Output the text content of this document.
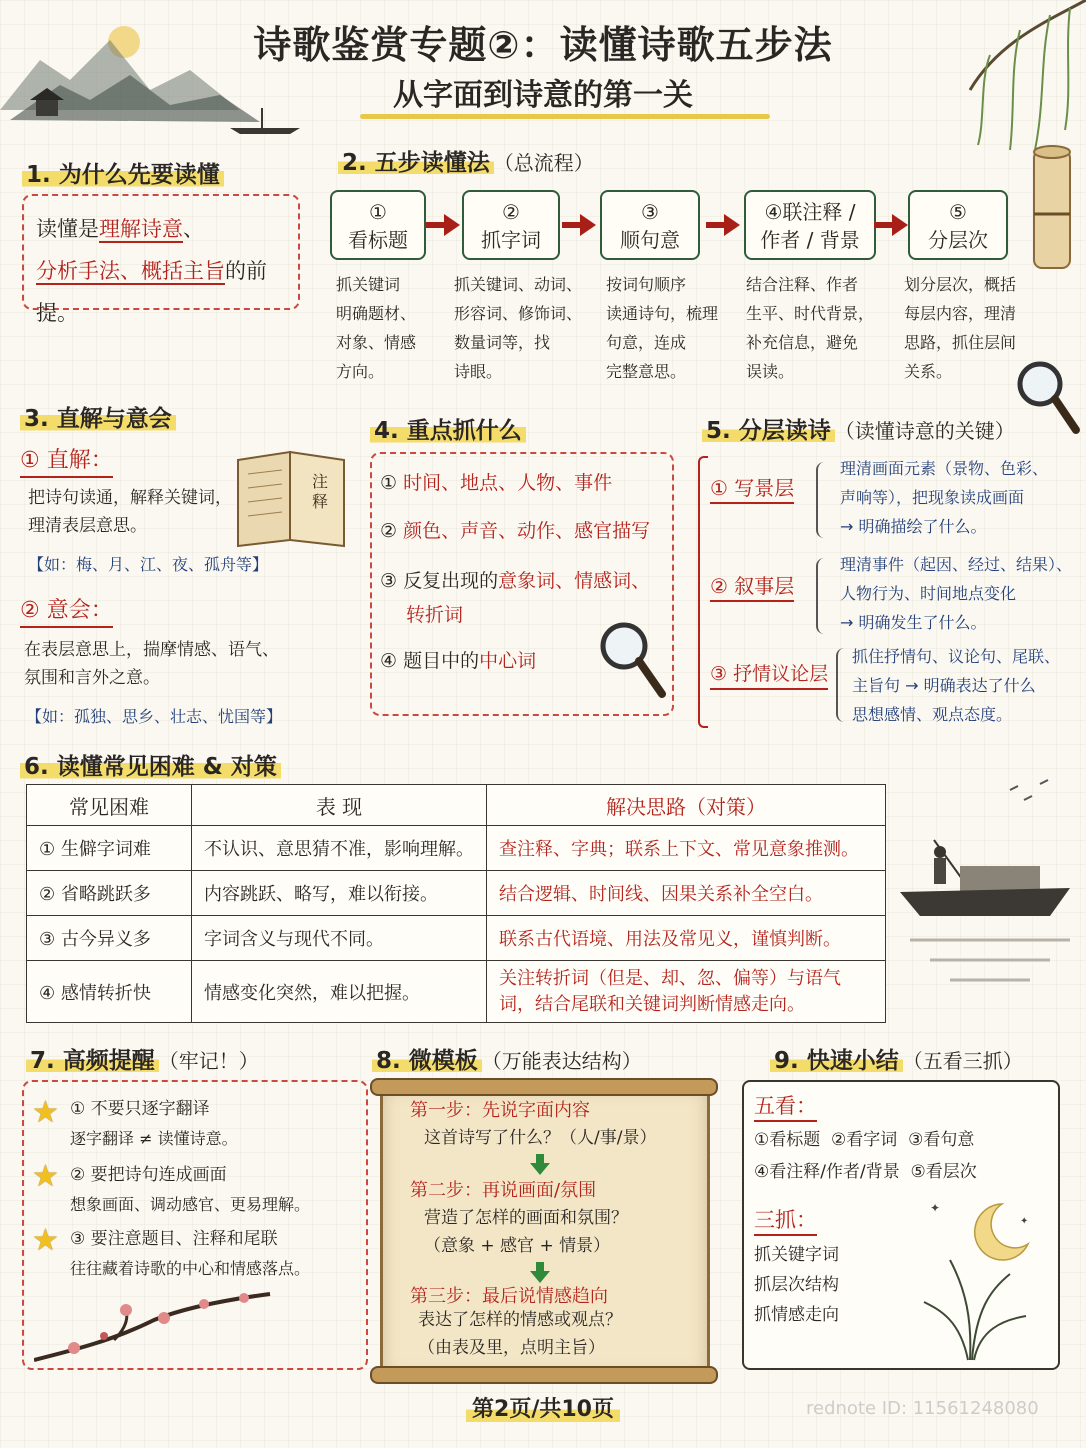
诗歌鉴赏专题②：读懂诗歌五步法
从字面到诗意的第一关
1. 为什么先要读懂
读懂是理解诗意、
分析手法、概括主旨的前提。
2. 五步读懂法 （总流程）
①
看标题
②
抓字词
③
顺句意
④联注释 /
作者 / 背景
⑤
分层次
抓关键词
明确题材、
对象、情感
方向。
抓关键词、动词、
形容词、修饰词、
数量词等，找
诗眼。
按词句顺序
读通诗句，梳理
句意，连成
完整意思。
结合注释、作者
生平、时代背景，
补充信息，避免
误读。
划分层次，概括
每层内容，理清
思路，抓住层间
关系。
3. 直解与意会
① 直解：
把诗句读通，解释关键词，
理清表层意思。
【如：梅、月、江、夜、孤舟等】
注释
② 意会：
在表层意思上，揣摩情感、语气、
氛围和言外之意。
【如：孤独、思乡、壮志、忧国等】
4. 重点抓什么
① 时间、地点、人物、事件
② 颜色、声音、动作、感官描写
③ 反复出现的意象词、情感词、
转折词
④ 题目中的中心词
5. 分层读诗 （读懂诗意的关键）
① 写景层
理清画面元素（景物、色彩、
声响等），把现象读成画面
→ 明确描绘了什么。
② 叙事层
理清事件（起因、经过、结果）、
人物行为、时间地点变化
→ 明确发生了什么。
③ 抒情议论层
抓住抒情句、议论句、尾联、
主旨句 → 明确表达了什么
思想感情、观点态度。
6. 读懂常见困难 & 对策
常见困难	表 现	解决思路（对策）
① 生僻字词难	不认识、意思猜不准，影响理解。	查注释、字典；联系上下文、常见意象推测。
② 省略跳跃多	内容跳跃、略写，难以衔接。	结合逻辑、时间线、因果关系补全空白。
③ 古今异义多	字词含义与现代不同。	联系古代语境、用法及常见义，谨慎判断。
④ 感情转折快	情感变化突然，难以把握。	关注转折词（但是、却、忽、偏等）与语气词，结合尾联和关键词判断情感走向。
7. 高频提醒 （牢记！）
★ ① 不要只逐字翻译
逐字翻译 ≠ 读懂诗意。
★ ② 要把诗句连成画面
想象画面、调动感官、更易理解。
★ ③ 要注意题目、注释和尾联
往往藏着诗歌的中心和情感落点。
8. 微模板 （万能表达结构）
第一步：先说字面内容
这首诗写了什么？（人/事/景）
第二步：再说画面/氛围
营造了怎样的画面和氛围？
（意象 + 感官 + 情景）
第三步：最后说情感趋向
表达了怎样的情感或观点？
（由表及里，点明主旨）
9. 快速小结 （五看三抓）
五看：
①看标题  ②看字词  ③看句意
④看注释/作者/背景  ⑤看层次
三抓：
抓关键字词
抓层次结构
抓情感走向
✦
✦
第2页/共10页	rednote ID: 11561248080
